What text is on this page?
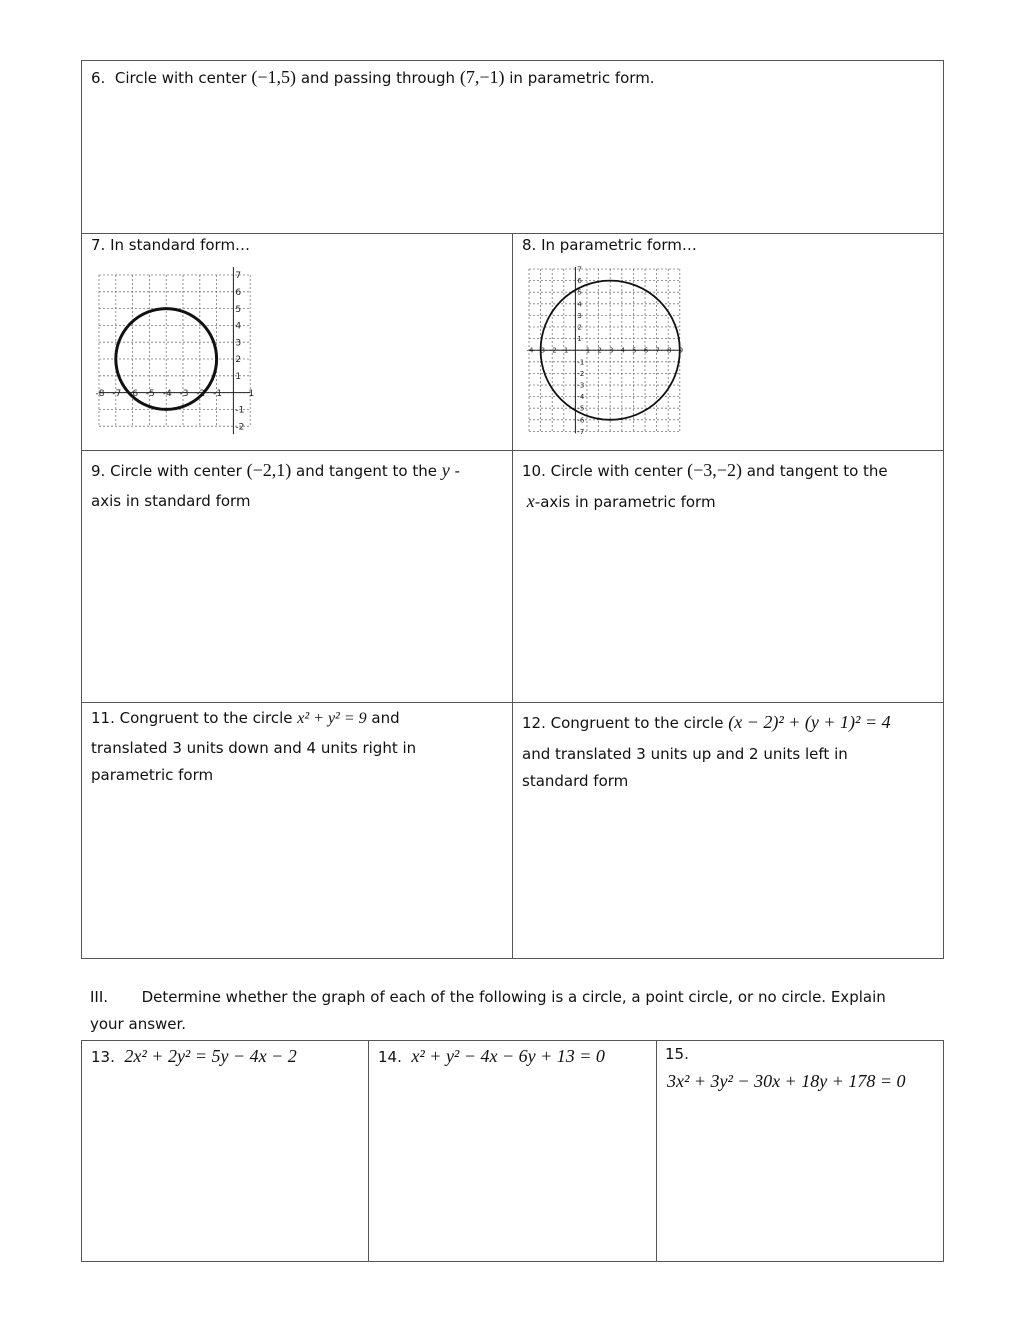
6. Circle with center (−1,5) and passing through (7,−1) in parametric form.
7. In standard form…
-8 -7 -6 -5 -4 -3 -2 -1	1
7
6
5
4
3
2
1
-1
-2
8. In parametric form…
-4 -3 -2 -1 1 2 3 4 5 6 7 8 9
7
6
5
4
3
2
1
-1
-2
-3
-4
-5
-6
-7
9. Circle with center (−2,1) and tangent to the y -
axis in standard form
10. Circle with center (−3,−2) and tangent to the
x-axis in parametric form
11. Congruent to the circle x² + y² = 9 and
translated 3 units down and 4 units right in
parametric form
12. Congruent to the circle (x − 2)² + (y + 1)² = 4
and translated 3 units up and 2 units left in
standard form
III. Determine whether the graph of each of the following is a circle, a point circle, or no circle. Explain
your answer.
13. 2x² + 2y² = 5y − 4x − 2	14. x² + y² − 4x − 6y + 13 = 0	15.
3x² + 3y² − 30x + 18y + 178 = 0
